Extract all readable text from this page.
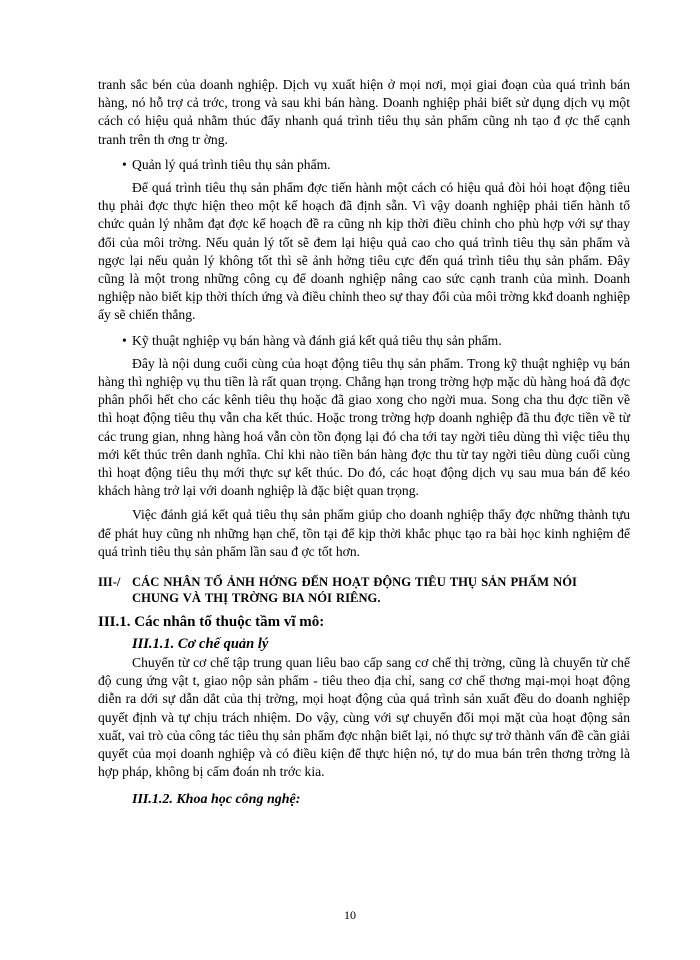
tranh sắc bén của doanh nghiệp. Dịch vụ xuất hiện ở mọi nơi, mọi giai đoạn của quá trình bán hàng, nó hỗ trợ cả trớc, trong và sau khi bán hàng. Doanh nghiệp phải biết sử dụng dịch vụ một cách có hiệu quả nhằm thúc đẩy nhanh quá trình tiêu thụ sản phẩm cũng nh tạo đ ợc thế cạnh tranh trên th ơng tr ờng.

• Quản lý quá trình tiêu thụ sản phẩm.

Để quá trình tiêu thụ sản phẩm đợc tiến hành một cách có hiệu quả đòi hỏi hoạt động tiêu thụ phải đợc thực hiện theo một kế hoạch đã định sẵn. Vì vậy doanh nghiệp phải tiến hành tổ chức quản lý nhằm đạt đợc kế hoạch đề ra cũng nh kịp thời điều chỉnh cho phù hợp với sự thay đổi của môi trờng. Nếu quản lý tốt sẽ đem lại hiệu quả cao cho quá trình tiêu thụ sản phẩm và ngợc lại nếu quản lý không tốt thì sẽ ảnh hởng tiêu cực đến quá trình tiêu thụ sản phẩm. Đây cũng là một trong những công cụ để doanh nghiệp nâng cao sức cạnh tranh của mình. Doanh nghiệp nào biết kịp thời thích ứng và điều chỉnh theo sự thay đổi của môi trờng kkđ doanh nghiệp ấy sẽ chiến thắng.

• Kỹ thuật nghiệp vụ bán hàng và đánh giá kết quả tiêu thụ sản phẩm.

Đây là nội dung cuối cùng của hoạt động tiêu thụ sản phẩm. Trong kỹ thuật nghiệp vụ bán hàng thì nghiệp vụ thu tiền là rất quan trọng. Chẳng hạn trong trờng hợp mặc dù hàng hoá đã đợc phân phối hết cho các kênh tiêu thụ hoặc đã giao xong cho ngời mua. Song cha thu đợc tiền về thì hoạt động tiêu thụ vẫn cha kết thúc. Hoặc trong trờng hợp doanh nghiệp đã thu đợc tiền về từ các trung gian, nhng hàng hoá vẫn còn tồn đọng lại đó cha tới tay ngời tiêu dùng thì việc tiêu thụ mới kết thúc trên danh nghĩa. Chỉ khi nào tiền bán hàng đợc thu từ tay ngời tiêu dùng cuối cùng thì hoạt động tiêu thụ mới thực sự kết thúc. Do đó, các hoạt động dịch vụ sau mua bán để kéo khách hàng trở lại với doanh nghiệp là đặc biệt quan trọng.

Việc đánh giá kết quả tiêu thụ sản phẩm giúp cho doanh nghiệp thấy đợc những thành tựu để phát huy cũng nh những hạn chế, tồn tại để kịp thời khắc phục tạo ra bài học kinh nghiệm để quá trình tiêu thụ sản phẩm lần sau đ ợc tốt hơn.

III-/ CÁC NHÂN TỐ ẢNH HỞNG ĐẾN HOẠT ĐỘNG TIÊU THỤ SẢN PHẨM NÓI
CHUNG VÀ THỊ TRỜNG BIA NÓI RIÊNG.
III.1. Các nhân tố thuộc tầm vĩ mô:
III.1.1. Cơ chế quản lý

Chuyển từ cơ chế tập trung quan liêu bao cấp sang cơ chế thị trờng, cũng là chuyển từ chế độ cung ứng vật t, giao nộp sản phẩm - tiêu theo địa chỉ, sang cơ chế thơng mại-mọi hoạt động diễn ra dới sự dẫn dắt của thị trờng, mọi hoạt động của quá trình sản xuất đều do doanh nghiệp quyết định và tự chịu trách nhiệm. Do vậy, cùng với sự chuyển đổi mọi mặt của hoạt động sản xuất, vai trò của công tác tiêu thụ sản phẩm đợc nhận biết lại, nó thực sự trở thành vấn đề cần giải quyết của mọi doanh nghiệp và có điều kiện để thực hiện nó, tự do mua bán trên thơng trờng là hợp pháp, không bị cấm đoán nh trớc kia.

III.1.2. Khoa học công nghệ:
10
